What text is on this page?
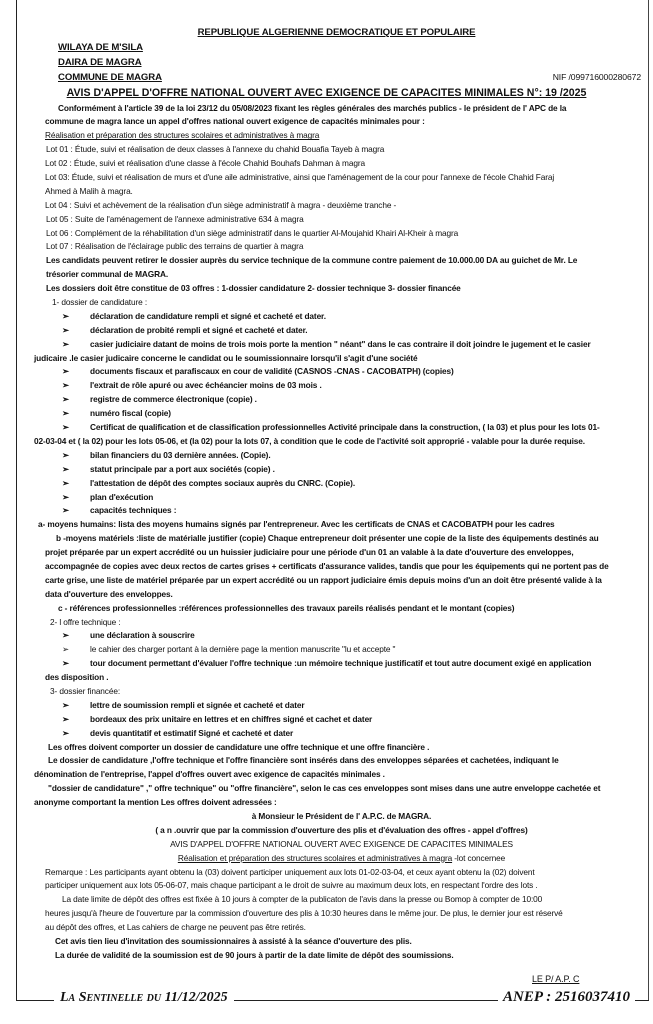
REPUBLIQUE ALGERIENNE DEMOCRATIQUE ET POPULAIRE
WILAYA DE M'SILA
DAIRA DE MAGRA
COMMUNE DE MAGRA	NIF /099716000280672
AVIS D'APPEL D'OFFRE NATIONAL OUVERT AVEC EXIGENCE DE CAPACITES MINIMALES N°: 19 /2025
Conformément à l'article 39 de la loi 23/12 du 05/08/2023 fixant les règles générales des marchés publics - le président de l' APC de la
commune de magra lance un appel d'offres national ouvert exigence de capacités minimales pour :
Réalisation et préparation des structures scolaires et administratives à magra
Lot 01 : Étude, suivi et réalisation de deux classes à l'annexe du chahid Bouafia Tayeb à magra
Lot 02 : Étude, suivi et réalisation d'une classe à l'école Chahid Bouhafs Dahman à magra
Lot 03: Étude, suivi et réalisation de murs et d'une aile administrative, ainsi que l'aménagement de la cour pour l'annexe de l'école Chahid Faraj
Ahmed à Malih à magra.
Lot 04 : Suivi et achèvement de la réalisation d'un siège administratif à magra - deuxième tranche -
Lot 05 : Suite de l'aménagement de l'annexe administrative 634 à magra
Lot 06 : Complément de la réhabilitation d'un siège administratif dans le quartier Al-Moujahid Khairi Al-Kheir à magra
Lot 07 : Réalisation de l'éclairage public des terrains de quartier à magra
Les candidats peuvent retirer le dossier auprès du service technique de la commune contre paiement de 10.000.00 DA au guichet de Mr. Le
trésorier communal de MAGRA.
Les dossiers doit être constitue de 03 offres : 1-dossier candidature 2- dossier technique 3- dossier financée
1- dossier de candidature :
➢	déclaration de candidature rempli et signé et cacheté et dater.
➢	déclaration de probité rempli et signé et cacheté et dater.
➢	casier judiciaire datant de moins de trois mois porte la mention " néant" dans le cas contraire il doit joindre le jugement et le casier
judicaire .le casier judicaire concerne le candidat ou le soumissionnaire lorsqu'il s'agit d'une société
➢	documents fiscaux et parafiscaux en cour de validité (CASNOS -CNAS - CACOBATPH) (copies)
➢	l'extrait de rôle apuré ou avec échéancier moins de 03 mois .
➢	registre de commerce électronique (copie) .
➢	numéro fiscal (copie)
➢	Certificat de qualification et de classification professionnelles Activité principale dans la construction, ( la 03) et plus pour les lots 01-
02-03-04 et ( la 02) pour les lots 05-06, et (la 02) pour la lots 07, à condition que le code de l'activité soit approprié - valable pour la durée requise.
➢	bilan financiers du 03 dernière années. (Copie).
➢	statut principale par a port aux sociétés (copie) .
➢	l'attestation de dépôt des comptes sociaux auprès du CNRC. (Copie).
➢	plan d'exécution
➢	capacités techniques :
a- moyens humains: lista des moyens humains signés par l'entrepreneur. Avec les certificats de CNAS et CACOBATPH pour les cadres
b -moyens matériels :liste de matérialle justifier (copie) Chaque entrepreneur doit présenter une copie de la liste des équipements destinés au
projet préparée par un expert accrédité ou un huissier judiciaire pour une période d'un 01 an valable à la date d'ouverture des enveloppes,
accompagnée de copies avec deux rectos de cartes grises + certificats d'assurance valides, tandis que pour les équipements qui ne portent pas de
carte grise, une liste de matériel préparée par un expert accrédité ou un rapport judiciaire émis depuis moins d'un an doit être présenté valide à la
data d'ouverture des enveloppes.
c - références professionnelles :références professionnelles des travaux pareils réalisés pendant et le montant (copies)
2- l offre technique :
➢	une déclaration à souscrire
➢	le cahier des charger portant à la dernière page la mention manuscrite "lu et accepte "
➢	tour document permettant d'évaluer l'offre technique :un mémoire technique justificatif et tout autre document exigé en application
des disposition .
3- dossier financée:
➢	lettre de soumission rempli et signée et cacheté et dater
➢	bordeaux des prix unitaire en lettres et en chiffres signé et cachet et dater
➢	devis quantitatif et estimatif Signé et cacheté et dater
Les offres doivent comporter un dossier de candidature une offre technique et une offre financière .
Le dossier de candidature ,l'offre technique et l'offre financière sont insérés dans des enveloppes séparées et cachetées, indiquant le
dénomination de l'entreprise, l'appel d'offres ouvert avec exigence de capacités minimales .
"dossier de candidature" ," offre technique" ou "offre financière", selon le cas ces enveloppes sont mises dans une autre enveloppe cachetée et
anonyme comportant la mention Les offres doivent adressées :
à Monsieur le Président de l' A.P.C. de MAGRA.
( a n .ouvrir que par la commission d'ouverture des plis et d'évaluation des offres - appel d'offres)
AVIS D'APPEL D'OFFRE NATIONAL OUVERT AVEC EXIGENCE DE CAPACITES MINIMALES
Réalisation et préparation des structures scolaires et administratives à magra -lot concernee
Remarque : Les participants ayant obtenu la (03) doivent participer uniquement aux lots 01-02-03-04, et ceux ayant obtenu la (02) doivent
participer uniquement aux lots 05-06-07, mais chaque participant a le droit de suivre au maximum deux lots, en respectant l'ordre des lots .
La date limite de dépôt des offres est fixée à 10 jours à compter de la publicaton de l'avis dans la presse ou Bomop à compter de 10:00
heures jusqu'à l'heure de l'ouverture par la commission d'ouverture des plis à 10:30 heures dans le même jour. De plus, le dernier jour est réservé
au dépôt des offres, et Las cahiers de charge ne peuvent pas être retirés.
Cet avis tien lieu d'invitation des soumissionnaires à assisté à la séance d'ouverture des plis.
La durée de validité de la soumission est de 90 jours à partir de la date limite de dépôt des soumissions.
LE P/ A.P. C
La Sentinelle du 11/12/2025	ANEP : 2516037410
